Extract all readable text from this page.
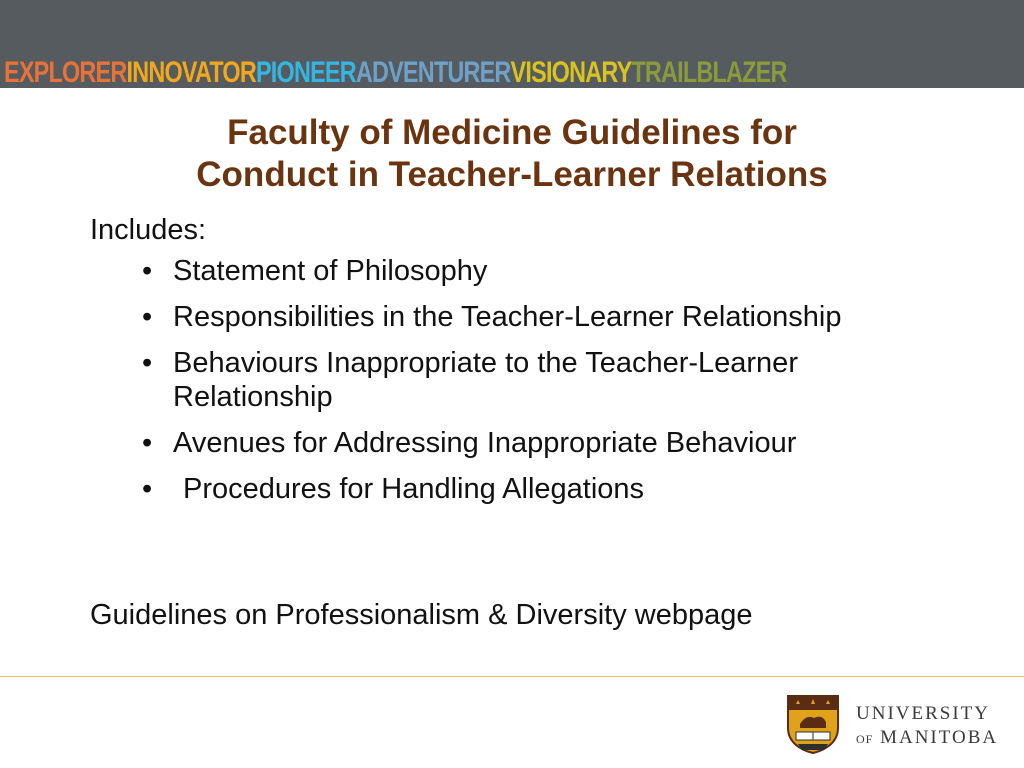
EXPLORER INNOVATOR PIONEER ADVENTURER VISIONARY TRAILBLAZER
Faculty of Medicine Guidelines for
Conduct in Teacher-Learner Relations

Includes:

• Statement of Philosophy
• Responsibilities in the Teacher-Learner Relationship
• Behaviours Inappropriate to the Teacher-Learner Relationship
• Avenues for Addressing Inappropriate Behaviour
• Procedures for Handling Allegations

Guidelines on Professionalism & Diversity webpage

UNIVERSITY
OF MANITOBA
